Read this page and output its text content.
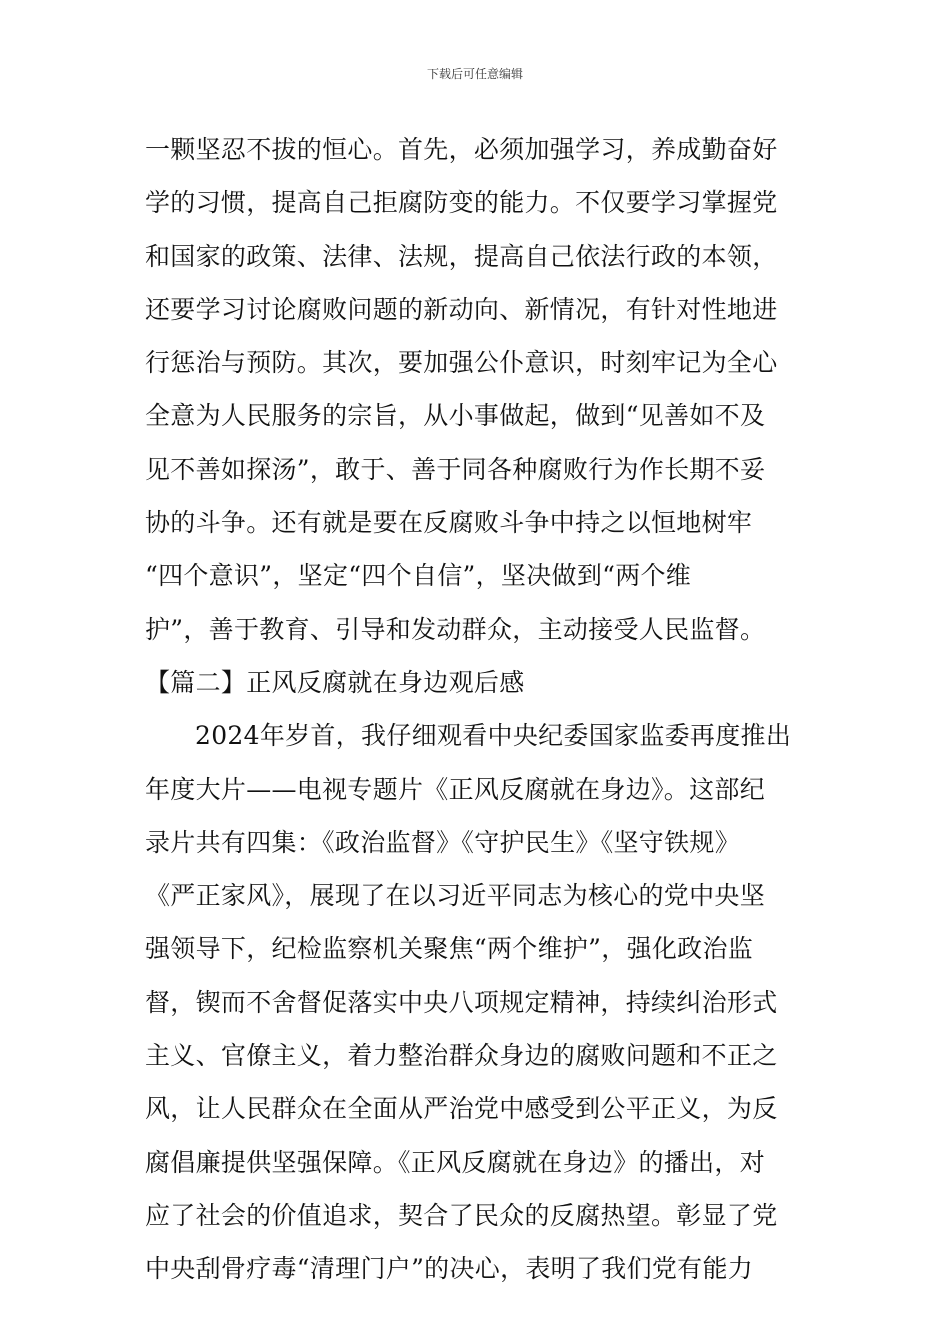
下载后可任意编辑
一颗坚忍不拔的恒心。首先，必须加强学习，养成勤奋好
学的习惯，提高自己拒腐防变的能力。不仅要学习掌握党
和国家的政策、法律、法规，提高自己依法行政的本领，
还要学习讨论腐败问题的新动向、新情况，有针对性地进
行惩治与预防。其次，要加强公仆意识，时刻牢记为全心
全意为人民服务的宗旨，从小事做起，做到“见善如不及
见不善如探汤”，敢于、善于同各种腐败行为作长期不妥
协的斗争。还有就是要在反腐败斗争中持之以恒地树牢
“四个意识”，坚定“四个自信”，坚决做到“两个维
护”，善于教育、引导和发动群众，主动接受人民监督。
【篇二】正风反腐就在身边观后感
2024年岁首，我仔细观看中央纪委国家监委再度推出
年度大片——电视专题片《正风反腐就在身边》。这部纪
录片共有四集：《政治监督》《守护民生》《坚守铁规》
《严正家风》，展现了在以习近平同志为核心的党中央坚
强领导下，纪检监察机关聚焦“两个维护”，强化政治监
督，锲而不舍督促落实中央八项规定精神，持续纠治形式
主义、官僚主义，着力整治群众身边的腐败问题和不正之
风，让人民群众在全面从严治党中感受到公平正义，为反
腐倡廉提供坚强保障。《正风反腐就在身边》的播出，对
应了社会的价值追求，契合了民众的反腐热望。彰显了党
中央刮骨疗毒“清理门户”的决心，表明了我们党有能力
